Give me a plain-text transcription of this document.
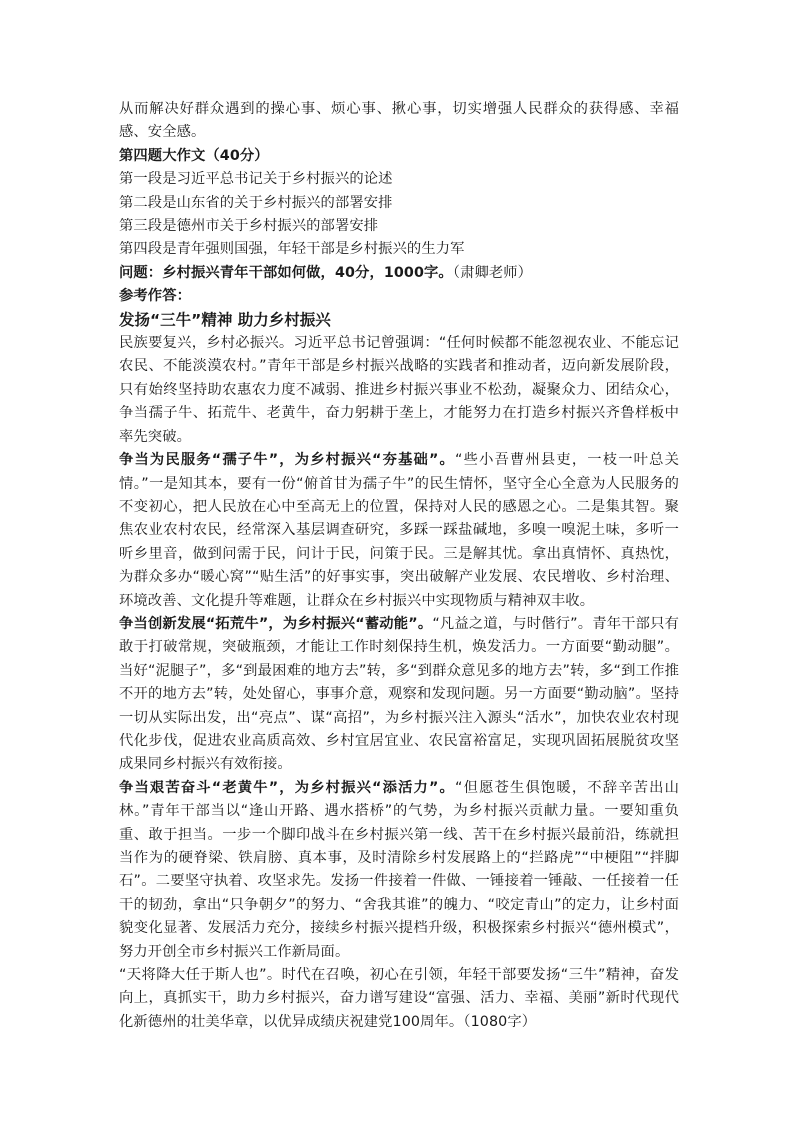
从而解决好群众遇到的操心事、烦心事、揪心事，切实增强人民群众的获得感、幸福感、安全感。

第四题大作文（40分）

第一段是习近平总书记关于乡村振兴的论述

第二段是山东省的关于乡村振兴的部署安排

第三段是德州市关于乡村振兴的部署安排

第四段是青年强则国强，年轻干部是乡村振兴的生力军

问题：乡村振兴青年干部如何做，40分，1000字。（肃卿老师）

参考作答：

发扬“三牛”精神 助力乡村振兴

民族要复兴，乡村必振兴。习近平总书记曾强调：“任何时候都不能忽视农业、不能忘记农民、不能淡漠农村。”青年干部是乡村振兴战略的实践者和推动者，迈向新发展阶段，只有始终坚持助农惠农力度不减弱、推进乡村振兴事业不松劲，凝聚众力、团结众心，争当孺子牛、拓荒牛、老黄牛，奋力躬耕于垄上，才能努力在打造乡村振兴齐鲁样板中率先突破。

争当为民服务“孺子牛”，为乡村振兴“夯基础”。“些小吾曹州县吏，一枝一叶总关情。”一是知其本，要有一份“俯首甘为孺子牛”的民生情怀，坚守全心全意为人民服务的不变初心，把人民放在心中至高无上的位置，保持对人民的感恩之心。二是集其智。聚焦农业农村农民，经常深入基层调查研究，多踩一踩盐碱地，多嗅一嗅泥土味，多听一听乡里音，做到问需于民，问计于民，问策于民。三是解其忧。拿出真情怀、真热忱，为群众多办“暖心窝”“贴生活”的好事实事，突出破解产业发展、农民增收、乡村治理、环境改善、文化提升等难题，让群众在乡村振兴中实现物质与精神双丰收。

争当创新发展“拓荒牛”，为乡村振兴“蓄动能”。“凡益之道，与时偕行”。青年干部只有敢于打破常规，突破瓶颈，才能让工作时刻保持生机，焕发活力。一方面要“勤动腿”。当好“泥腿子”，多“到最困难的地方去”转，多“到群众意见多的地方去”转，多“到工作推不开的地方去”转，处处留心，事事介意，观察和发现问题。另一方面要“勤动脑”。坚持一切从实际出发，出“亮点”、谋“高招”，为乡村振兴注入源头“活水”，加快农业农村现代化步伐，促进农业高质高效、乡村宜居宜业、农民富裕富足，实现巩固拓展脱贫攻坚成果同乡村振兴有效衔接。

争当艰苦奋斗“老黄牛”，为乡村振兴“添活力”。“但愿苍生俱饱暖，不辞辛苦出山林。”青年干部当以“逢山开路、遇水搭桥”的气势，为乡村振兴贡献力量。一要知重负重、敢于担当。一步一个脚印战斗在乡村振兴第一线、苦干在乡村振兴最前沿，练就担当作为的硬脊梁、铁肩膀、真本事，及时清除乡村发展路上的“拦路虎”“中梗阻”“拌脚石”。二要坚守执着、攻坚求先。发扬一件接着一件做、一锤接着一锤敲、一任接着一任干的韧劲，拿出“只争朝夕”的努力、“舍我其谁”的魄力、“咬定青山”的定力，让乡村面貌变化显著、发展活力充分，接续乡村振兴提档升级，积极探索乡村振兴“德州模式”，努力开创全市乡村振兴工作新局面。

“天将降大任于斯人也”。时代在召唤，初心在引领，年轻干部要发扬“三牛”精神，奋发向上，真抓实干，助力乡村振兴，奋力谱写建设“富强、活力、幸福、美丽”新时代现代化新德州的壮美华章，以优异成绩庆祝建党100周年。（1080字）
